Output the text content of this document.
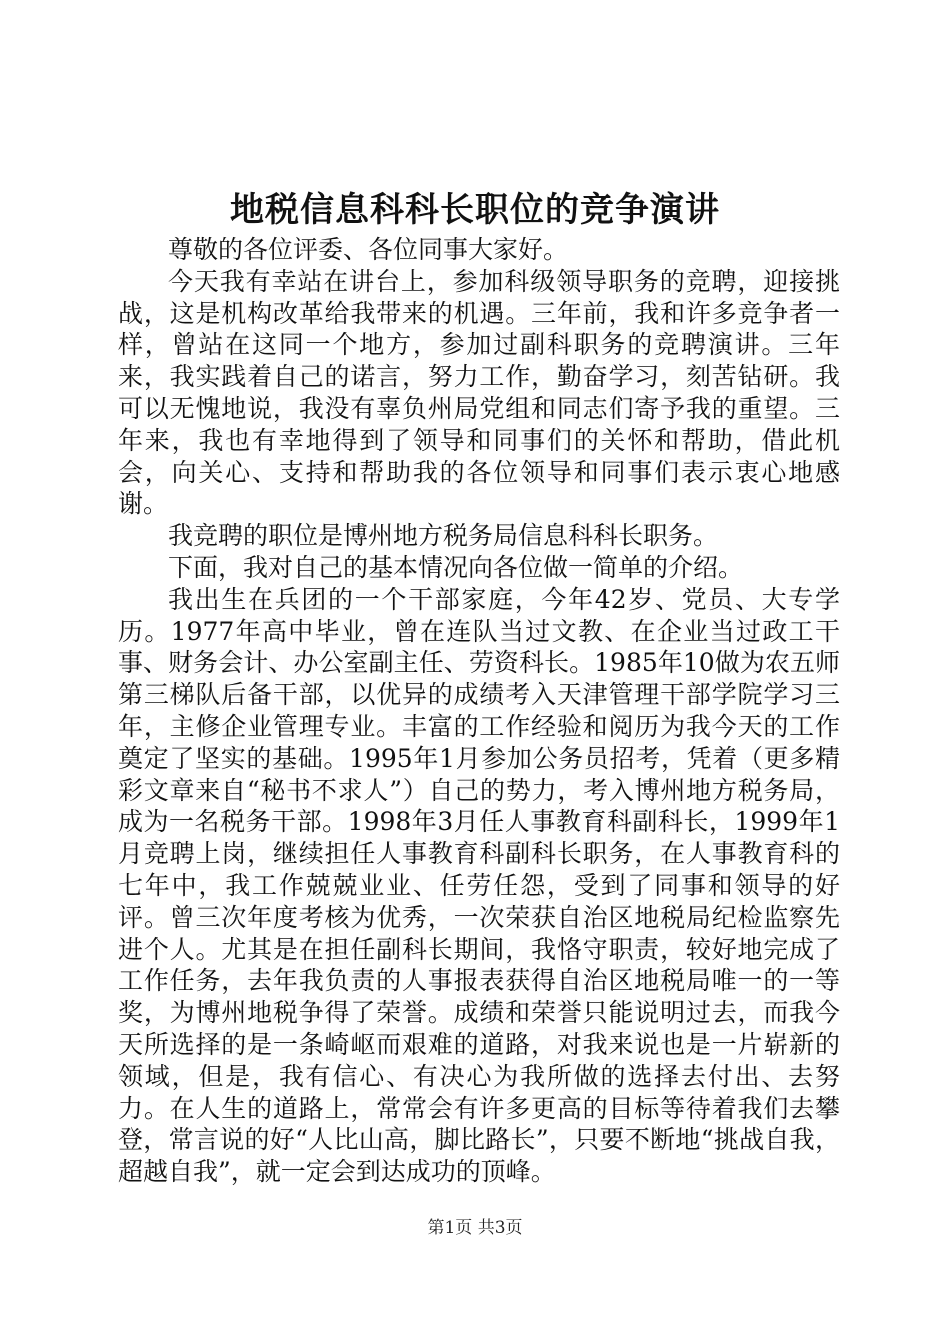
地税信息科科长职位的竞争演讲

尊敬的各位评委、各位同事大家好。

今天我有幸站在讲台上，参加科级领导职务的竞聘，迎接挑战，这是机构改革给我带来的机遇。三年前，我和许多竞争者一样，曾站在这同一个地方，参加过副科职务的竞聘演讲。三年来，我实践着自己的诺言，努力工作，勤奋学习，刻苦钻研。我可以无愧地说，我没有辜负州局党组和同志们寄予我的重望。三年来，我也有幸地得到了领导和同事们的关怀和帮助，借此机会，向关心、支持和帮助我的各位领导和同事们表示衷心地感谢。

我竞聘的职位是博州地方税务局信息科科长职务。

下面，我对自己的基本情况向各位做一简单的介绍。

我出生在兵团的一个干部家庭，今年42岁、党员、大专学历。1977年高中毕业，曾在连队当过文教、在企业当过政工干事、财务会计、办公室副主任、劳资科长。1985年10做为农五师第三梯队后备干部，以优异的成绩考入天津管理干部学院学习三年，主修企业管理专业。丰富的工作经验和阅历为我今天的工作奠定了坚实的基础。1995年1月参加公务员招考，凭着（更多精彩文章来自“秘书不求人”）自己的势力，考入博州地方税务局，成为一名税务干部。1998年3月任人事教育科副科长，1999年1月竞聘上岗，继续担任人事教育科副科长职务，在人事教育科的七年中，我工作兢兢业业、任劳任怨，受到了同事和领导的好评。曾三次年度考核为优秀，一次荣获自治区地税局纪检监察先进个人。尤其是在担任副科长期间，我恪守职责，较好地完成了工作任务，去年我负责的人事报表获得自治区地税局唯一的一等奖，为博州地税争得了荣誉。成绩和荣誉只能说明过去，而我今天所选择的是一条崎岖而艰难的道路，对我来说也是一片崭新的领域，但是，我有信心、有决心为我所做的选择去付出、去努力。在人生的道路上，常常会有许多更高的目标等待着我们去攀登，常言说的好“人比山高，脚比路长”，只要不断地“挑战自我，超越自我”，就一定会到达成功的顶峰。

第1页 共3页
